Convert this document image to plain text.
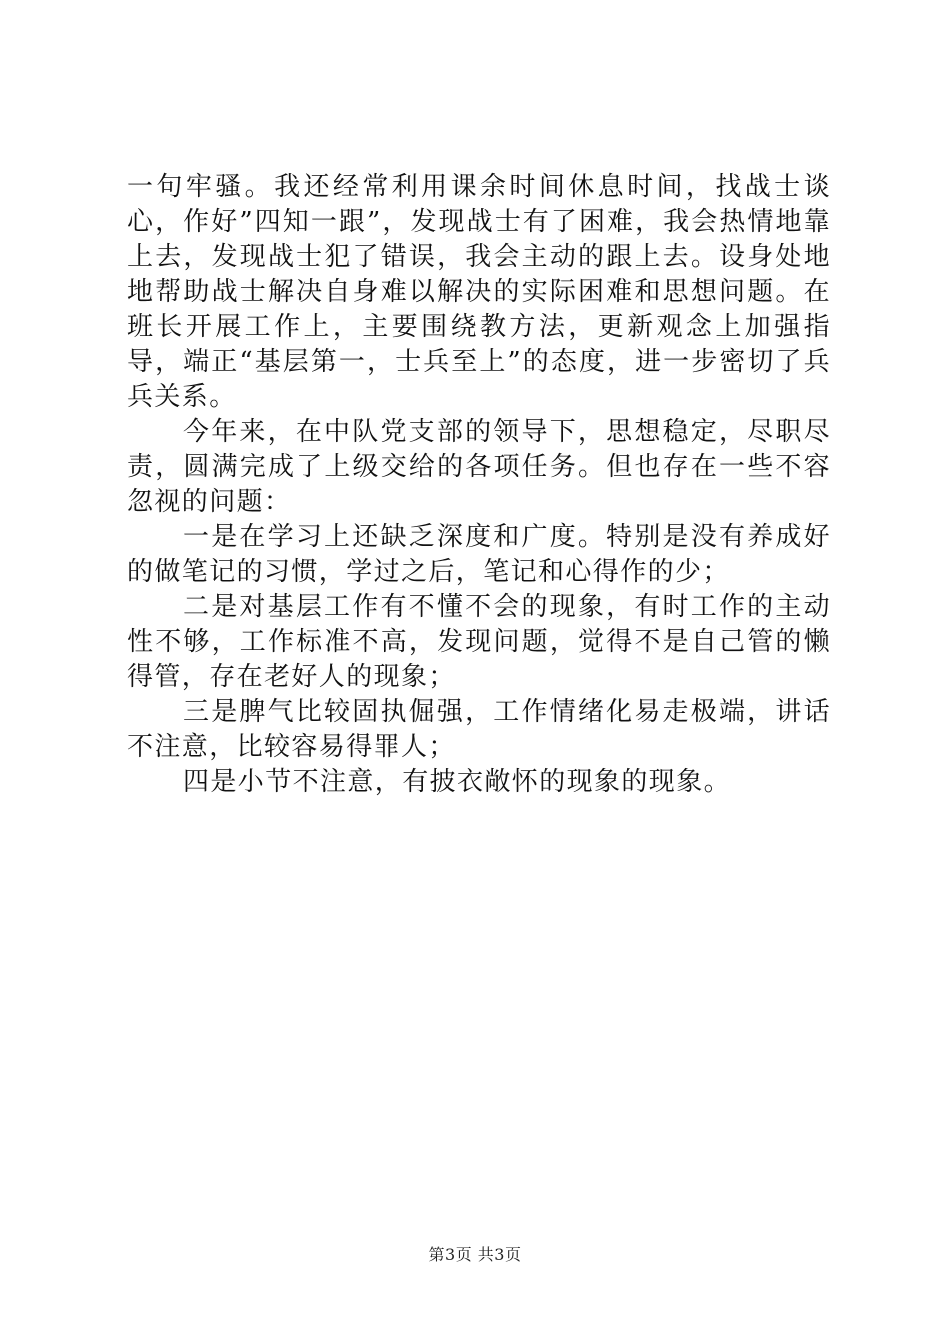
一句牢骚。我还经常利用课余时间休息时间，找战士谈心，作好”四知一跟”，发现战士有了困难，我会热情地靠上去，发现战士犯了错误，我会主动的跟上去。设身处地地帮助战士解决自身难以解决的实际困难和思想问题。在班长开展工作上，主要围绕教方法，更新观念上加强指导，端正“基层第一，士兵至上”的态度，进一步密切了兵兵关系。

今年来，在中队党支部的领导下，思想稳定，尽职尽责，圆满完成了上级交给的各项任务。但也存在一些不容忽视的问题：

一是在学习上还缺乏深度和广度。特别是没有养成好的做笔记的习惯，学过之后，笔记和心得作的少；

二是对基层工作有不懂不会的现象，有时工作的主动性不够，工作标准不高，发现问题，觉得不是自己管的懒得管，存在老好人的现象；

三是脾气比较固执倔强，工作情绪化易走极端，讲话不注意，比较容易得罪人；

四是小节不注意，有披衣敞怀的现象的现象。

第3页 共3页
